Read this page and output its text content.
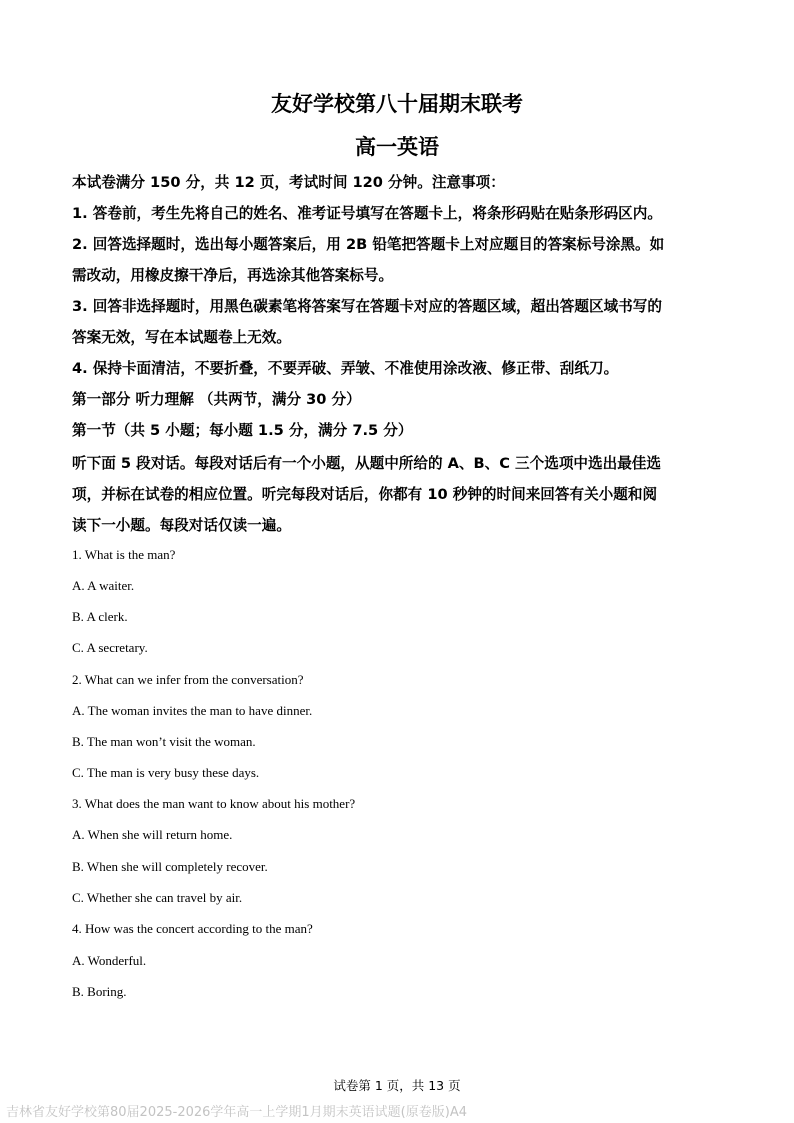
友好学校第八十届期末联考
高一英语
本试卷满分 150 分，共 12 页，考试时间 120 分钟。注意事项：
1. 答卷前，考生先将自己的姓名、准考证号填写在答题卡上，将条形码贴在贴条形码区内。
2. 回答选择题时，选出每小题答案后，用 2B 铅笔把答题卡上对应题目的答案标号涂黑。如
需改动，用橡皮擦干净后，再选涂其他答案标号。
3. 回答非选择题时，用黑色碳素笔将答案写在答题卡对应的答题区域，超出答题区域书写的
答案无效，写在本试题卷上无效。
4. 保持卡面清洁，不要折叠，不要弄破、弄皱、不准使用涂改液、修正带、刮纸刀。
第一部分 听力理解 （共两节，满分 30 分）
第一节（共 5 小题；每小题 1.5 分，满分 7.5 分）
听下面 5 段对话。每段对话后有一个小题，从题中所给的 A、B、C 三个选项中选出最佳选
项，并标在试卷的相应位置。听完每段对话后，你都有 10 秒钟的时间来回答有关小题和阅
读下一小题。每段对话仅读一遍。
1. What is the man?
A. A waiter.
B. A clerk.
C. A secretary.
2. What can we infer from the conversation?
A. The woman invites the man to have dinner.
B. The man won’t visit the woman.
C. The man is very busy these days.
3. What does the man want to know about his mother?
A. When she will return home.
B. When she will completely recover.
C. Whether she can travel by air.
4. How was the concert according to the man?
A. Wonderful.
B. Boring.
试卷第 1 页，共 13 页
吉林省友好学校第80届2025-2026学年高一上学期1月期末英语试题(原卷版)A4
